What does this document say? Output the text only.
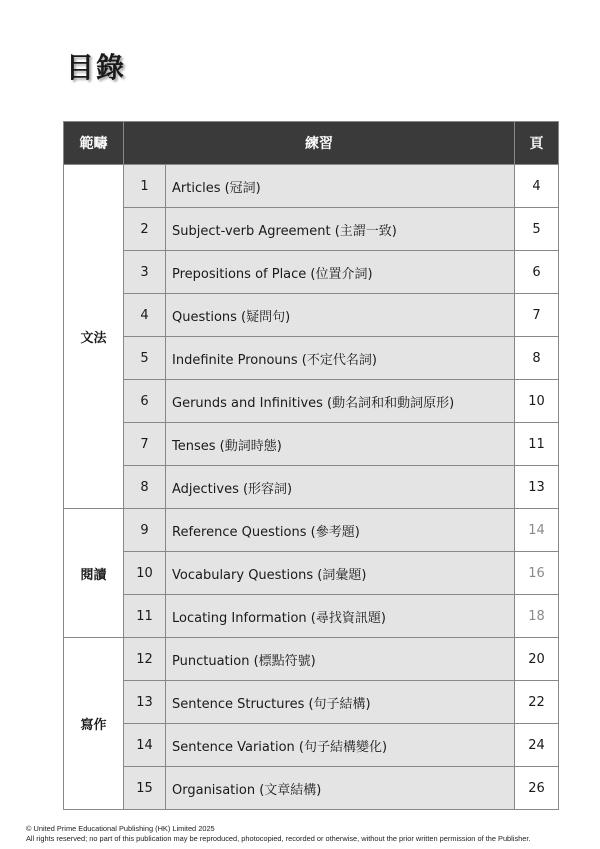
目錄
範疇	練習		頁
文法	1	Articles (冠詞)	4
	2	Subject-verb Agreement (主謂一致)	5
	3	Prepositions of Place (位置介詞)	6
	4	Questions (疑問句)	7
	5	Indefinite Pronouns (不定代名詞)	8
	6	Gerunds and Infinitives (動名詞和和動詞原形)	10
	7	Tenses (動詞時態)	11
	8	Adjectives (形容詞)	13
閱讀	9	Reference Questions (參考題)	14
	10	Vocabulary Questions (詞彙題)	16
	11	Locating Information (尋找資訊題)	18
寫作	12	Punctuation (標點符號)	20
	13	Sentence Structures (句子結構)	22
	14	Sentence Variation (句子結構變化)	24
	15	Organisation (文章結構)	26
© United Prime Educational Publishing (HK) Limited 2025
All rights reserved; no part of this publication may be reproduced, photocopied, recorded or otherwise, without the prior written permission of the Publisher.
